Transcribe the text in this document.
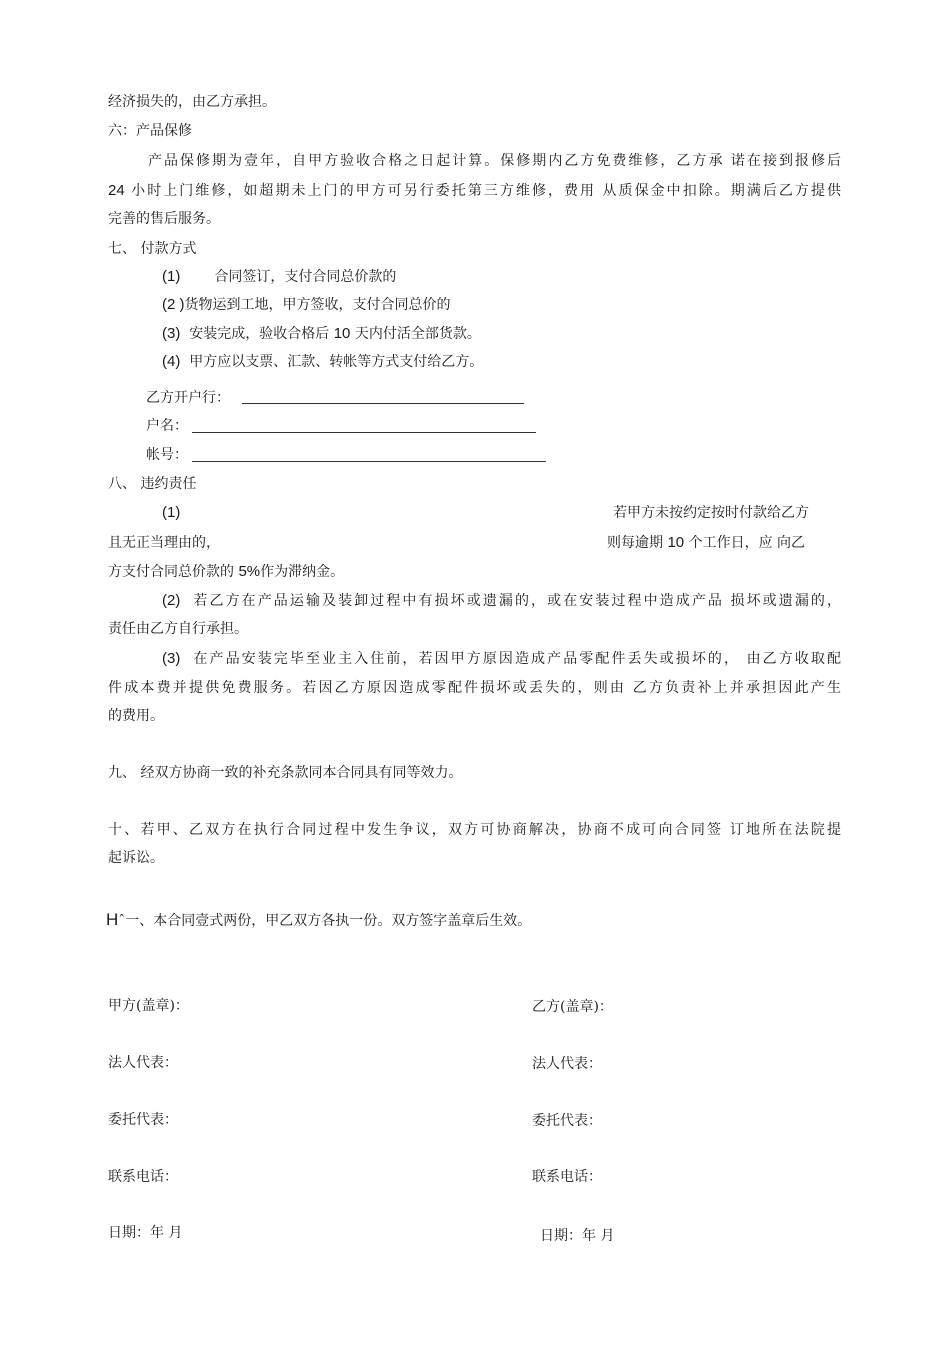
经济损失的，由乙方承担。
六：产品保修
产品保修期为壹年，自甲方验收合格之日起计算。保修期内乙方免费维修，乙方承 诺在接到报修后
24 小时上门维修，如超期未上门的甲方可另行委托第三方维修，费用 从质保金中扣除。期满后乙方提供
完善的售后服务。
七、 付款方式
(1) 合同签订，支付合同总价款的
(2 )货物运到工地，甲方签收，支付合同总价的
(3) 安装完成，验收合格后 10 天内付活全部货款。
(4) 甲方应以支票、汇款、转帐等方式支付给乙方。
乙方开户行：
户名：
帐号：
八、 违约责任
(1)	若甲方未按约定按时付款给乙方
且无正当理由的，	则每逾期 10 个工作日，应 向乙
方支付合同总价款的 5%作为滞纳金。
(2) 若乙方在产品运输及装卸过程中有损坏或遗漏的，或在安装过程中造成产品 损坏或遗漏的，
责任由乙方自行承担。
(3) 在产品安装完毕至业主入住前，若因甲方原因造成产品零配件丢失或损坏的， 由乙方收取配
件成本费并提供免费服务。若因乙方原因造成零配件损坏或丢失的，则由 乙方负责补上并承担因此产生
的费用。
九、 经双方协商一致的补充条款同本合同具有同等效力。
十、若甲、乙双方在执行合同过程中发生争议，双方可协商解决，协商不成可向合同签 订地所在法院提
起诉讼。
Hˆ一、本合同壹式两份，甲乙双方各执一份。双方签字盖章后生效。
甲方(盖章)：
法人代表：
委托代表：
联系电话：
日期：年 月
乙方(盖章)：
法人代表：
委托代表：
联系电话：
日期：年 月
